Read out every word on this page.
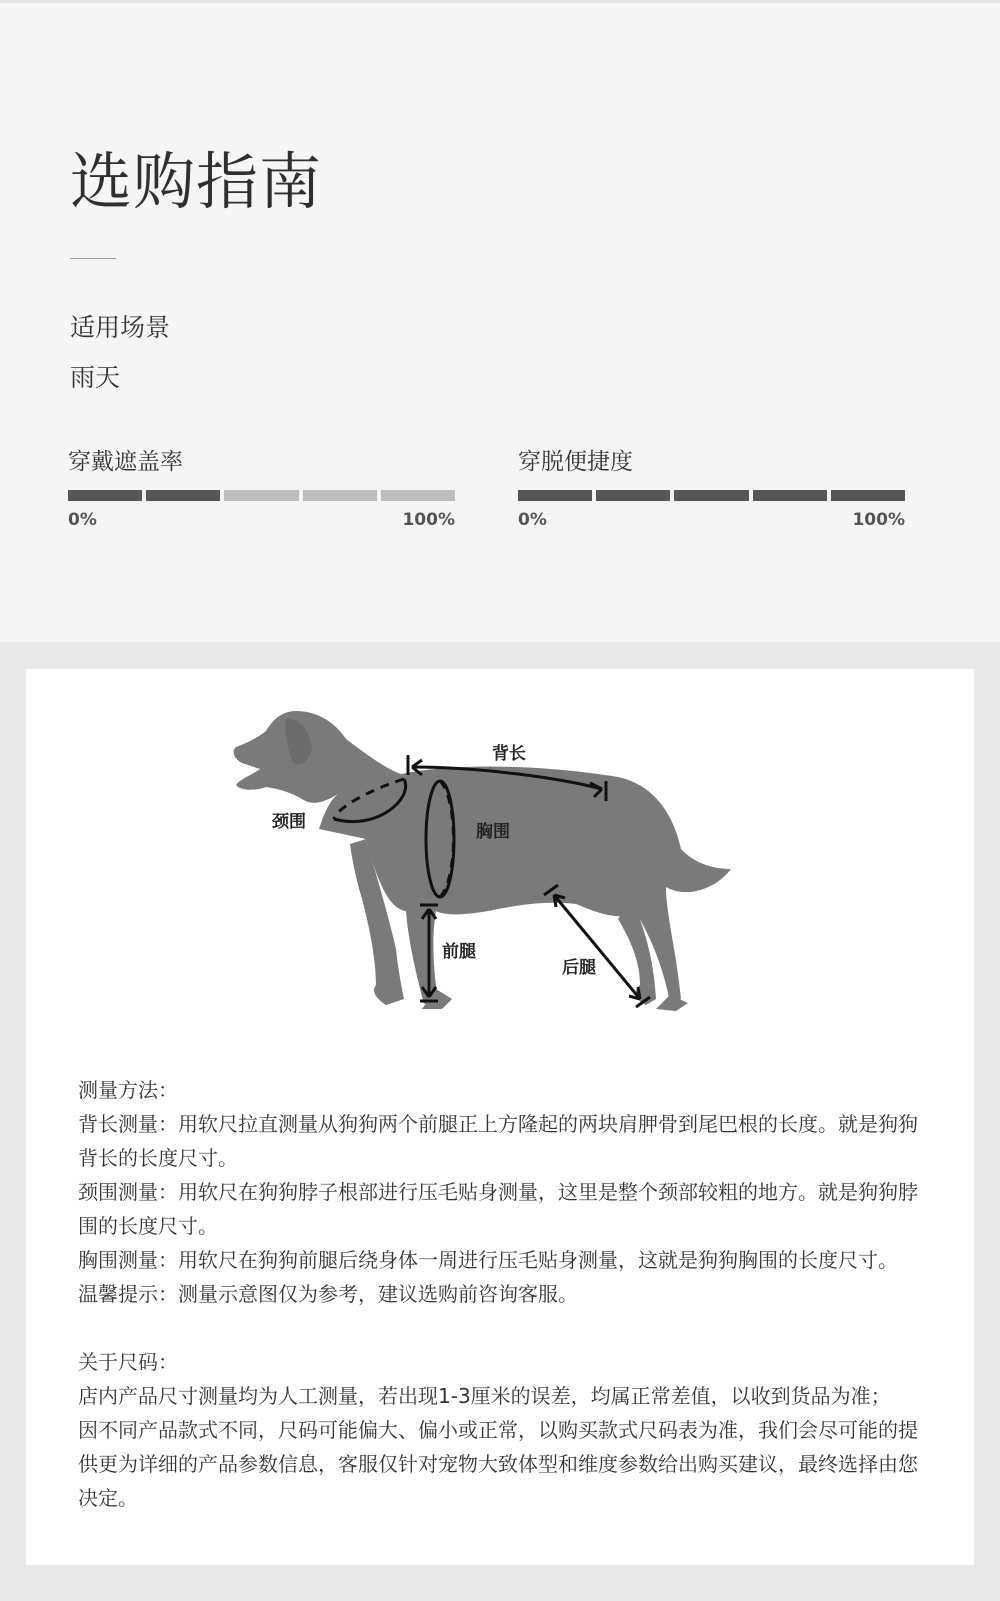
选购指南
适用场景
雨天
穿戴遮盖率
0%	100%
穿脱便捷度
0%	100%
颈围	胸围
背长
前腿
后腿

测量方法：

背长测量：用软尺拉直测量从狗狗两个前腿正上方隆起的两块肩胛骨到尾巴根的长度。就是狗狗背长的长度尺寸。

颈围测量：用软尺在狗狗脖子根部进行压毛贴身测量，这里是整个颈部较粗的地方。就是狗狗脖围的长度尺寸。

胸围测量：用软尺在狗狗前腿后绕身体一周进行压毛贴身测量，这就是狗狗胸围的长度尺寸。

温馨提示：测量示意图仅为参考，建议选购前咨询客服。

关于尺码：

店内产品尺寸测量均为人工测量，若出现1-3厘米的误差，均属正常差值，以收到货品为准；

因不同产品款式不同，尺码可能偏大、偏小或正常，以购买款式尺码表为准，我们会尽可能的提供更为详细的产品参数信息，客服仅针对宠物大致体型和维度参数给出购买建议，最终选择由您决定。
